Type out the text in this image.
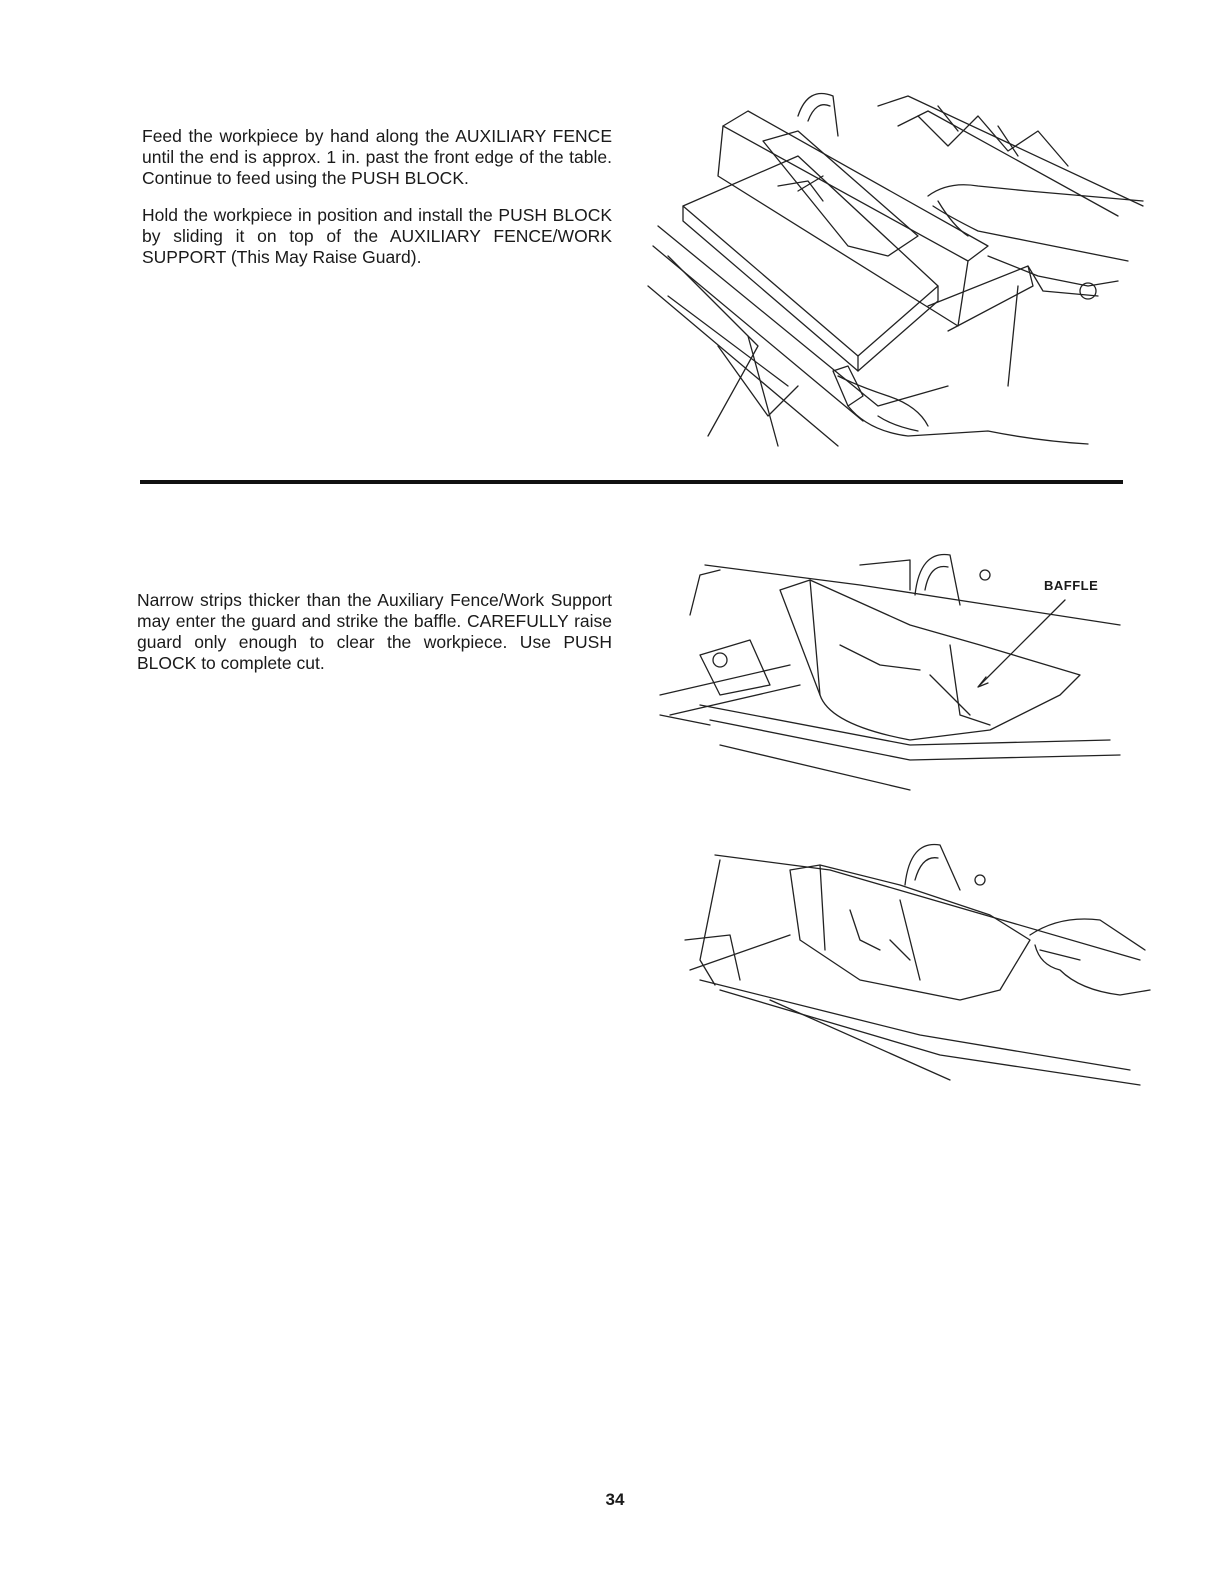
Feed the workpiece by hand along the AUXILIARY FENCE until the end is approx. 1 in. past the front edge of the table. Continue to feed using the PUSH BLOCK.

Hold the workpiece in position and install the PUSH BLOCK by sliding it on top of the AUXILIARY FENCE/WORK SUPPORT (This May Raise Guard).

Narrow strips thicker than the Auxiliary Fence/Work Support may enter the guard and strike the baffle. CAREFULLY raise guard only enough to clear the workpiece. Use PUSH BLOCK to complete cut.

BAFFLE
34
